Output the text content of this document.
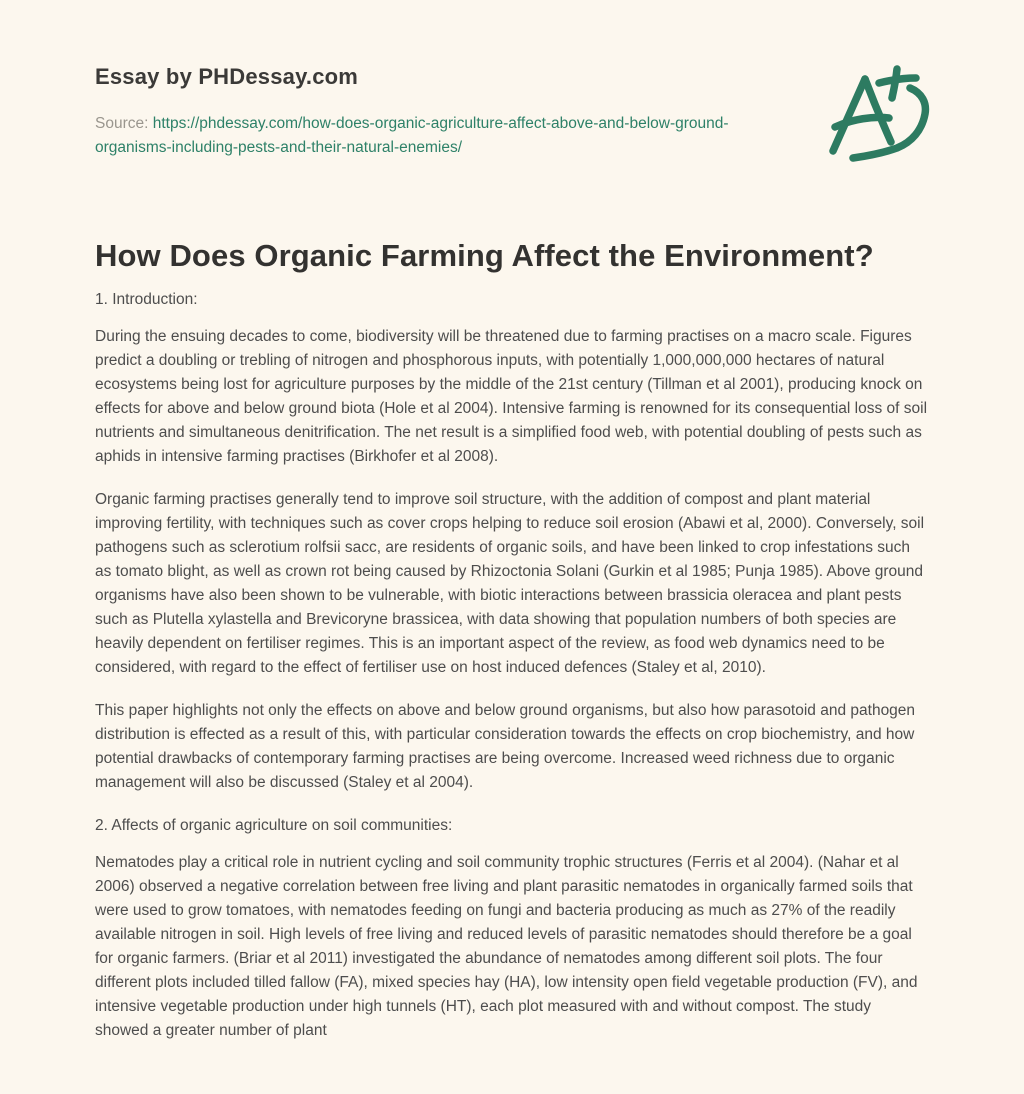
Essay by PHDessay.com
Source: https://phdessay.com/how-does-organic-agriculture-affect-above-and-below-ground-organisms-including-pests-and-their-natural-enemies/
How Does Organic Farming Affect the Environment?
1. Introduction:

During the ensuing decades to come, biodiversity will be threatened due to farming practises on a macro scale. Figures predict a doubling or trebling of nitrogen and phosphorous inputs, with potentially 1,000,000,000 hectares of natural ecosystems being lost for agriculture purposes by the middle of the 21st century (Tillman et al 2001), producing knock on effects for above and below ground biota (Hole et al 2004). Intensive farming is renowned for its consequential loss of soil nutrients and simultaneous denitrification. The net result is a simplified food web, with potential doubling of pests such as aphids in intensive farming practises (Birkhofer et al 2008).

Organic farming practises generally tend to improve soil structure, with the addition of compost and plant material improving fertility, with techniques such as cover crops helping to reduce soil erosion (Abawi et al, 2000). Conversely, soil pathogens such as sclerotium rolfsii sacc, are residents of organic soils, and have been linked to crop infestations such as tomato blight, as well as crown rot being caused by Rhizoctonia Solani (Gurkin et al 1985; Punja 1985). Above ground organisms have also been shown to be vulnerable, with biotic interactions between brassicia oleracea and plant pests such as Plutella xylastella and Brevicoryne brassicea, with data showing that population numbers of both species are heavily dependent on fertiliser regimes. This is an important aspect of the review, as food web dynamics need to be considered, with regard to the effect of fertiliser use on host induced defences (Staley et al, 2010).

This paper highlights not only the effects on above and below ground organisms, but also how parasotoid and pathogen distribution is effected as a result of this, with particular consideration towards the effects on crop biochemistry, and how potential drawbacks of contemporary farming practises are being overcome. Increased weed richness due to organic management will also be discussed (Staley et al 2004).

2. Affects of organic agriculture on soil communities:

Nematodes play a critical role in nutrient cycling and soil community trophic structures (Ferris et al 2004). (Nahar et al 2006) observed a negative correlation between free living and plant parasitic nematodes in organically farmed soils that were used to grow tomatoes, with nematodes feeding on fungi and bacteria producing as much as 27% of the readily available nitrogen in soil. High levels of free living and reduced levels of parasitic nematodes should therefore be a goal for organic farmers. (Briar et al 2011) investigated the abundance of nematodes among different soil plots. The four different plots included tilled fallow (FA), mixed species hay (HA), low intensity open field vegetable production (FV), and intensive vegetable production under high tunnels (HT), each plot measured with and without compost. The study showed a greater number of plant
